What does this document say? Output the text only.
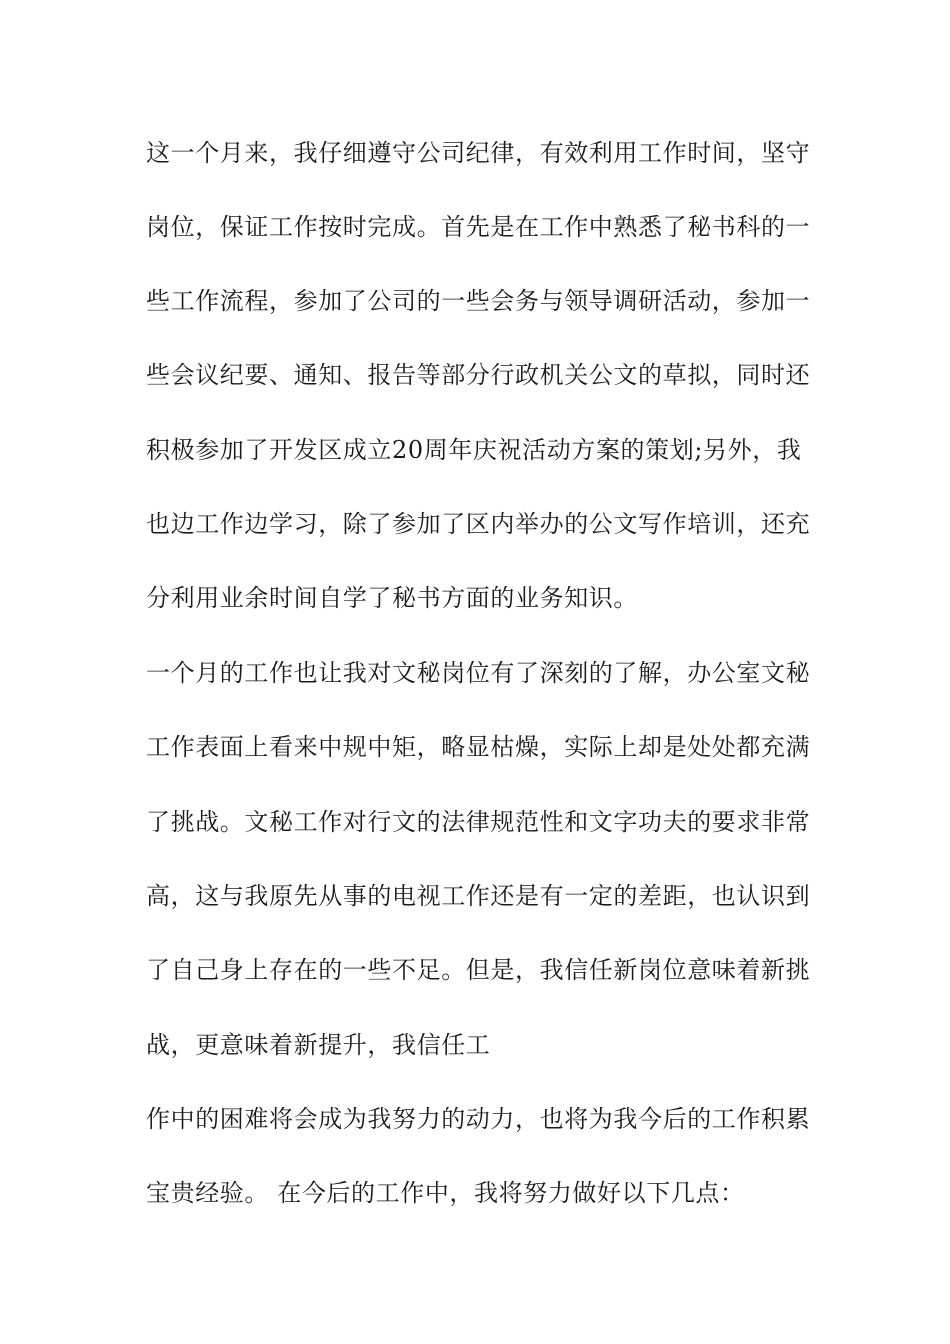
这一个月来，我仔细遵守公司纪律，有效利用工作时间，坚守
岗位，保证工作按时完成。首先是在工作中熟悉了秘书科的一
些工作流程，参加了公司的一些会务与领导调研活动，参加一
些会议纪要、通知、报告等部分行政机关公文的草拟，同时还
积极参加了开发区成立20周年庆祝活动方案的策划;另外，我
也边工作边学习，除了参加了区内举办的公文写作培训，还充
分利用业余时间自学了秘书方面的业务知识。
一个月的工作也让我对文秘岗位有了深刻的了解，办公室文秘
工作表面上看来中规中矩，略显枯燥，实际上却是处处都充满
了挑战。文秘工作对行文的法律规范性和文字功夫的要求非常
高，这与我原先从事的电视工作还是有一定的差距，也认识到
了自己身上存在的一些不足。但是，我信任新岗位意味着新挑
战，更意味着新提升，我信任工
作中的困难将会成为我努力的动力，也将为我今后的工作积累
宝贵经验。 在今后的工作中，我将努力做好以下几点：
